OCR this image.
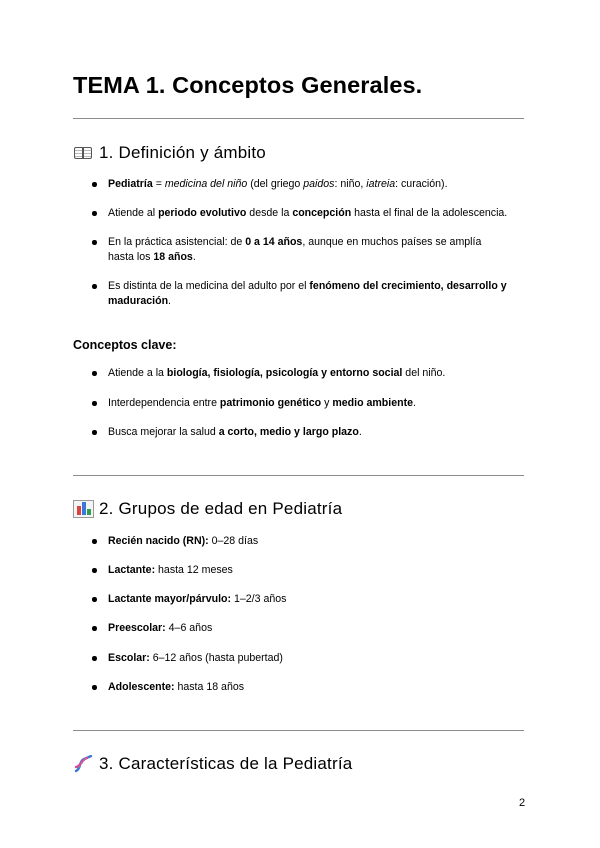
TEMA 1. Conceptos Generales.
1. Definición y ámbito
Pediatría = medicina del niño (del griego paidos: niño, iatreia: curación).
Atiende al periodo evolutivo desde la concepción hasta el final de la adolescencia.
En la práctica asistencial: de 0 a 14 años, aunque en muchos países se amplía hasta los 18 años.
Es distinta de la medicina del adulto por el fenómeno del crecimiento, desarrollo y maduración.
Conceptos clave:
Atiende a la biología, fisiología, psicología y entorno social del niño.
Interdependencia entre patrimonio genético y medio ambiente.
Busca mejorar la salud a corto, medio y largo plazo.
2. Grupos de edad en Pediatría
Recién nacido (RN): 0–28 días
Lactante: hasta 12 meses
Lactante mayor/párvulo: 1–2/3 años
Preescolar: 4–6 años
Escolar: 6–12 años (hasta pubertad)
Adolescente: hasta 18 años
3. Características de la Pediatría
2
